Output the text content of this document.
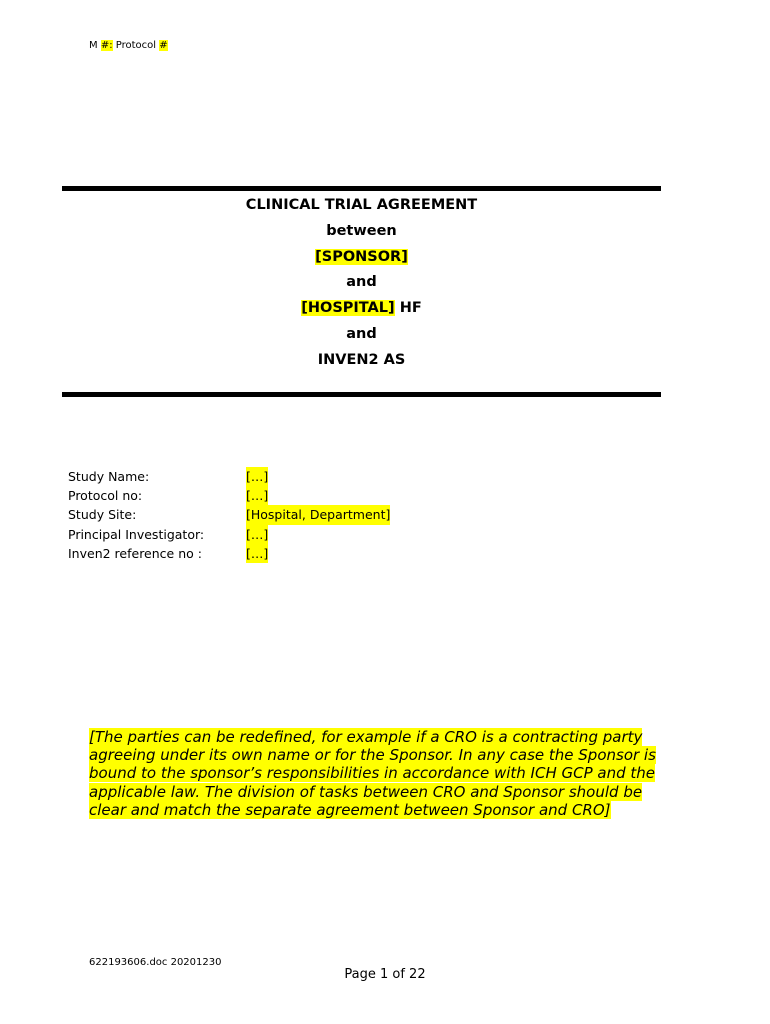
M #: Protocol #
CLINICAL TRIAL AGREEMENT
between
[SPONSOR]
and
[HOSPITAL] HF
and
INVEN2 AS
Study Name:	[…]
Protocol no:	[…]
Study Site:	[Hospital, Department]
Principal Investigator:	[…]
Inven2 reference no :	[…]
[The parties can be redefined, for example if a CRO is a contracting party
agreeing under its own name or for the Sponsor. In any case the Sponsor is
bound to the sponsor’s responsibilities in accordance with ICH GCP and the
applicable law. The division of tasks between CRO and Sponsor should be
clear and match the separate agreement between Sponsor and CRO]
622193606.doc 20201230
Page 1 of 22
